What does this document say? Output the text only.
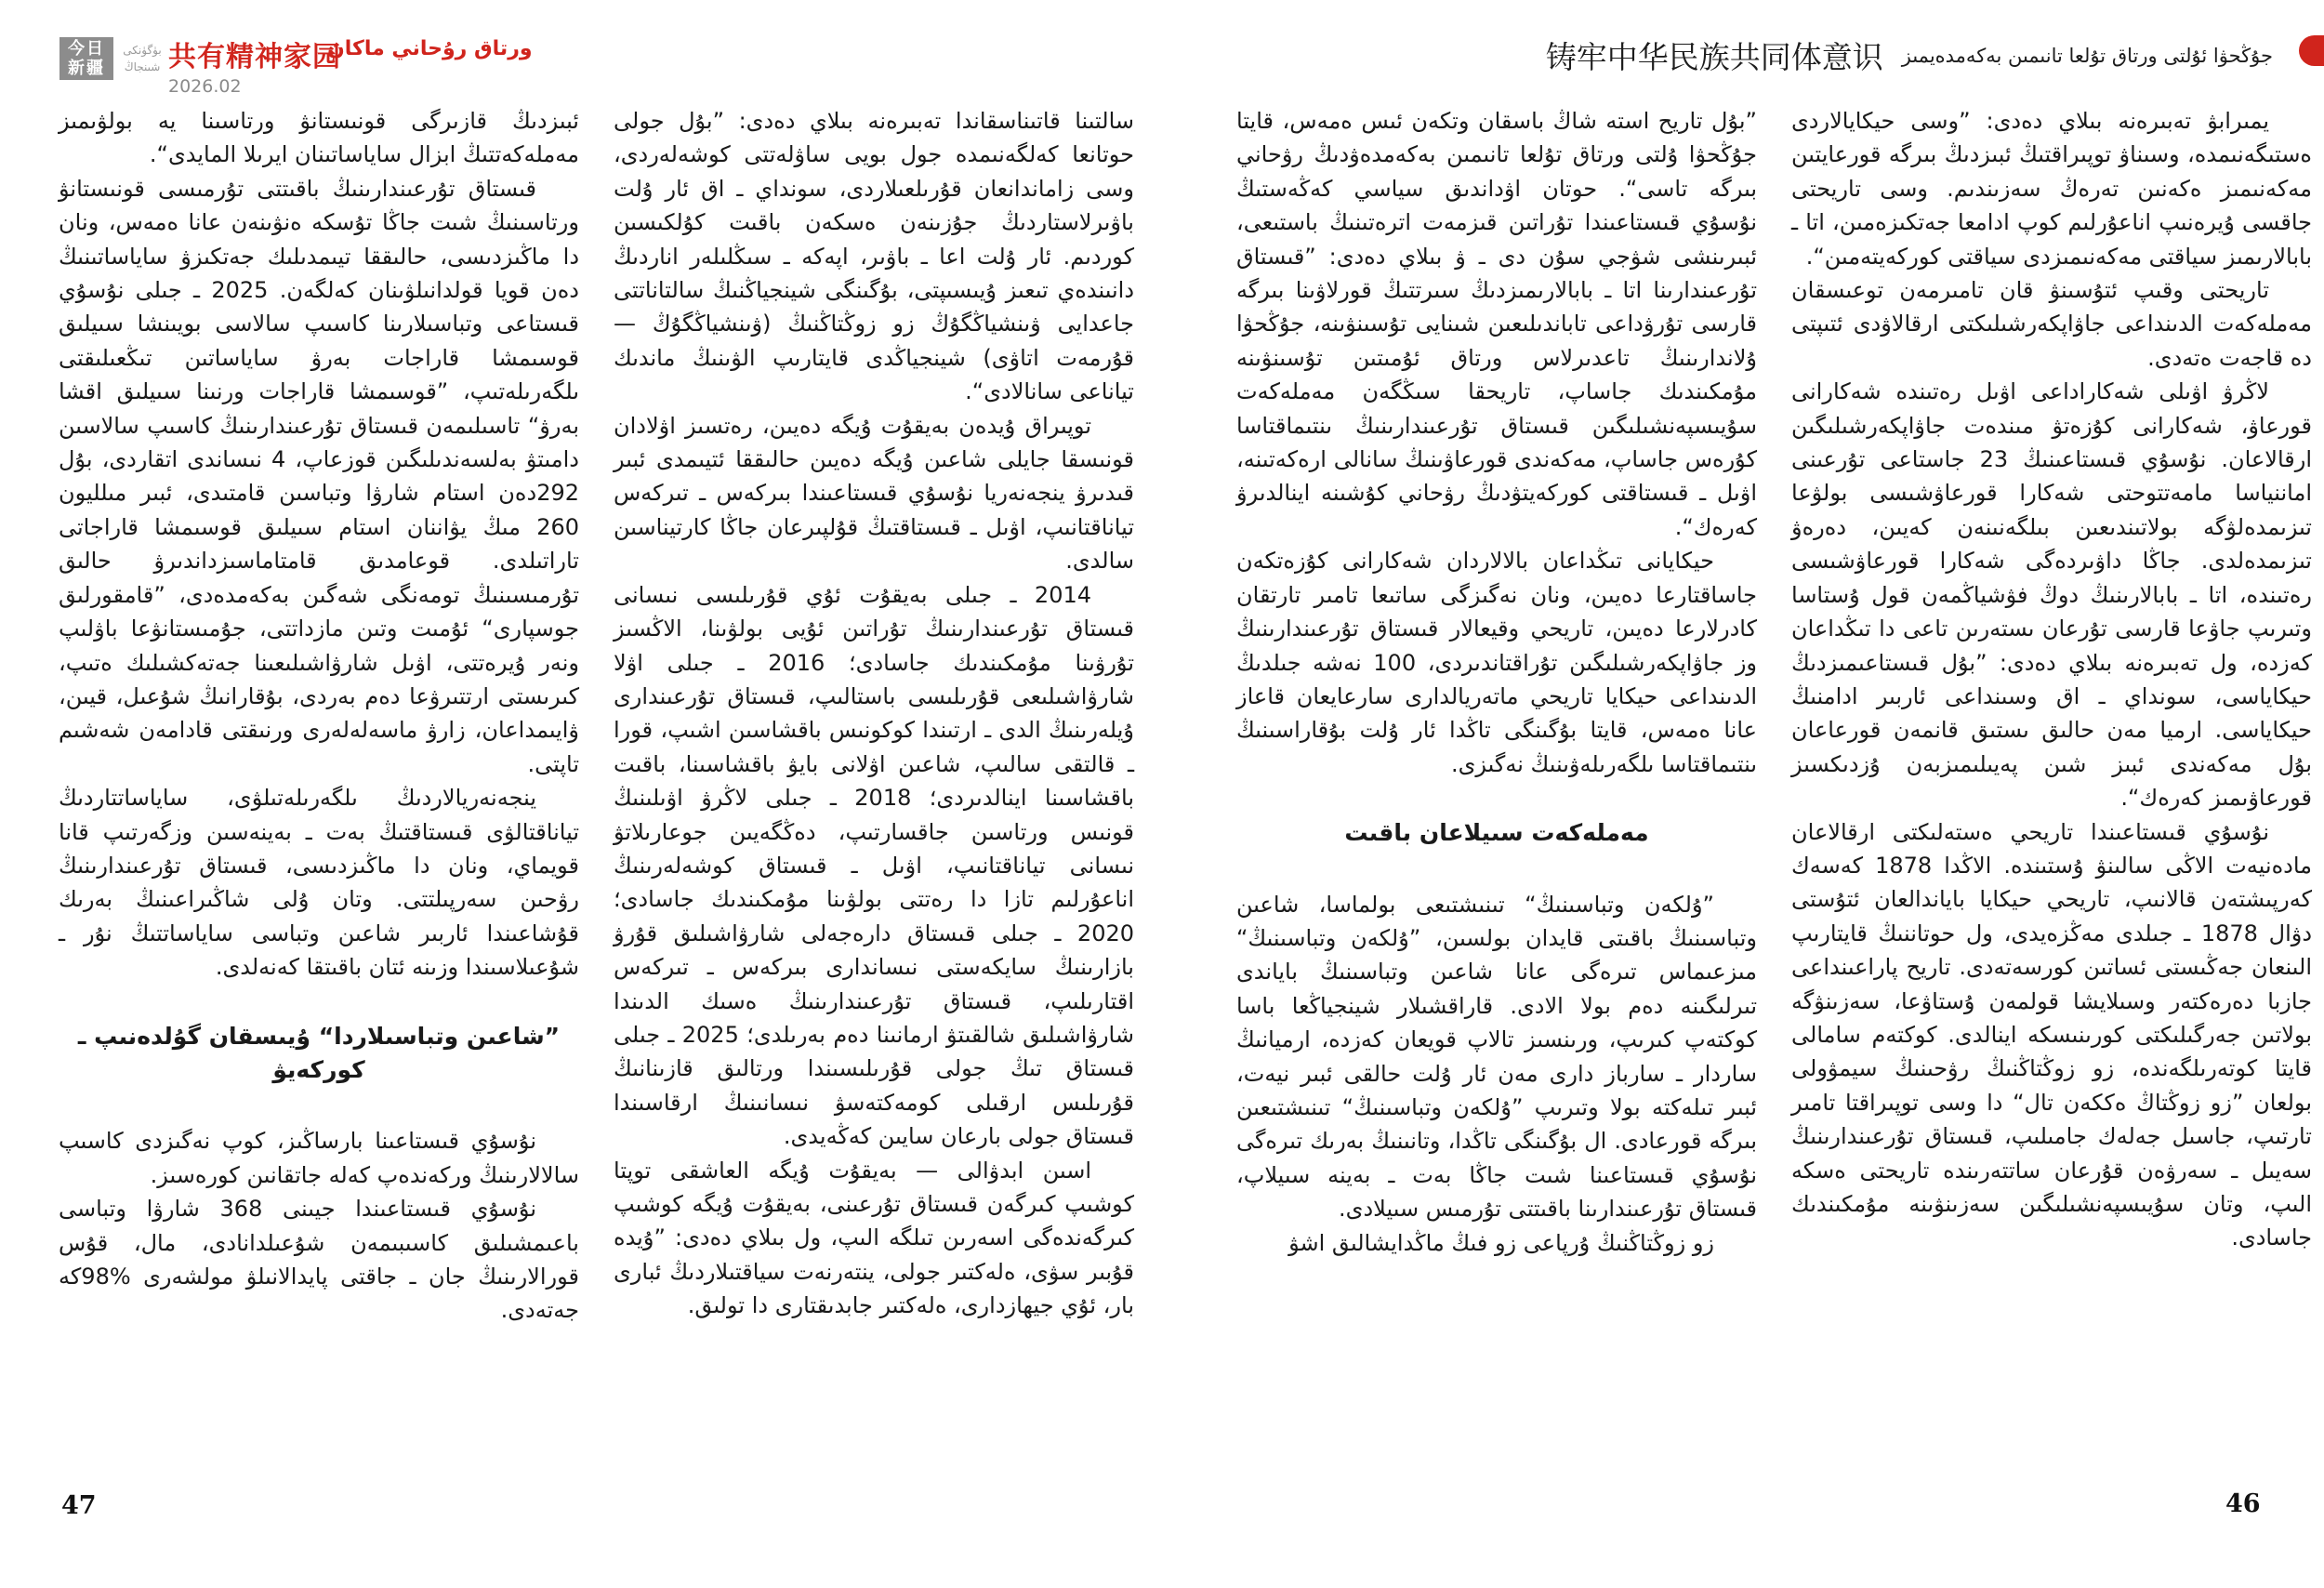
今日
新疆
بۈگۈنكى
شىنجاڭ 共有精神家园
2026.02
ورتاق رۇحاني ماكان	铸牢中华民族共同体意识 جۇڭحۋا ئۇلتى ورتاق تۇلعا تانىمىن بەكەمدەيمىز

ئبىزدىڭ قازىرگى قونىستانۋ ورتاسىنا يە بولۋىمىز مەملەكەتتىڭ ابزال ساياساتىنان ايرىلا المايدى“.

قىستاق تۇرعىندارىنىڭ باقىتتى تۇرمىسى قونىستانۋ ورتاسىنىڭ شىت جاڭا تۇسكە ەنۋىنەن عانا ەمەس، ونان دا ماڭىزدىسى، حالىققا تيىمدىلىك جەتكىزۋ ساياساتىنىڭ دەن قويا قولدانىلۋىنان كەلگەن. 2025 ـ جىلى نۇسۇي قىستاعى وتباسىلارىنا كاسىپ سالاسى بويىنشا سىيلىق قوسىمشا قاراجات بەرۋ ساياساتىن تىڭعىلىقتى ىلگەرىلەتىپ، ”قوسىمشا قاراجات ورنىنا سىيلىق اقشا بەرۋ“ تاسىلىمەن قىستاق تۇرعىندارىنىڭ كاسىپ سالاسىن دامىتۋ بەلسەندىلىگىن قوزعاپ، 4 نىساندى اتقاردى، بۇل 292دەن استام شارۋا وتباسىن قامتىدى، ئبىر مىلليون 260 مىڭ يۋاننان استام سىيلىق قوسىمشا قاراجاتى تاراتىلدى. قوعامدىق قامتاماسىزداندىرۋ حالىق تۇرمىسىنىڭ تومەنگى شەگىن بەكەمدەدى، ”قامقورلىق جوسپارى“ ئۇمىت وتىن مازداتتى، جۇمىستانۋعا باۋلىپ ونەر ۇيرەتتى، اۋىل شارۋاشىلىعىنا جەتەكشىلىك ەتىپ، كىرىستى ارتتىرۋعا دەم بەردى، بۇقارانىڭ شۇعىل، قيىن، ۋايىمداعان، زارۋ ماسەلەلەرى ورنىقتى قادامەن شەشىم تاپتى.

ينجەنەريالاردىڭ ىلگەرىلەتىلۋى، ساياساتتاردىڭ تياناقتالۋى قىستاقتىڭ بەت ـ بەينەسىن وزگەرتىپ قانا قويماي، ونان دا ماڭىزدىسى، قىستاق تۇرعىندارىنىڭ رۋحىن سەرپىلتتى. وتان ۇلى شاڭىراعىنىڭ بەرىك قۇشاعىندا ئاربىر شاعىن وتباسى ساياساتتىڭ نۇر ـ شۇعىلاسىندا وزىنە ئتان باقىتقا كەنەلدى.

”شاعىن وتباسىلاردا“ ۇيىسقان گۇلدەنىپ ـ كوركەيۋ

نۇسۇي قىستاعىنا بارساڭىز، كوپ نەگىزدى كاسىپ سالالارىنىڭ وركەندەپ كەلە جاتقانىن كورەسىز.

نۇسۇي قىستاعىندا جيىنى 368 شارۋا وتباسى باعىمشىلىق كاسىبىمەن شۇعىلدانادى، مال، قۇس قورالارىنىڭ جان ـ جاقتى پايدالانىلۋ مولشەرى %98كە جەتەدى.

سالتىنا قاتىناسقاندا تەبىرەنە بىلاي دەدى: ”بۇل جولى حوتانعا كەلگەنىمدە جول بويى ساۋلەتتى كوشەلەردى، وسى زاماندانعان قۇرىلعىلاردى، سونداي ـ اق ئار ۇلت باۋىرلاستاردىڭ جۇزىنەن ەسكەن باقىت كۇلكىسىن كوردىم. ئار ۇلت اعا ـ باۋىر، اپەكە ـ سىڭلىلەر اناردىڭ دانىندەي تىعىز ۇيىسىپتى، بۇگىنگى شينجياڭنىڭ سالتاناتتى جاعدايى ۋىنشياڭگۇڭ زو زوڭتاڭنىڭ (ۋىنشياڭگۇڭ — قۇرمەت اتاۋى) شينجياڭدى قايتارىپ الۋىنىڭ ماندىك تياناعى سانالادى“.

توپىراق ۇيدەن بەيقۇت ۇيگە دەيىن، رەتسىز اۋلادان قونىسقا جايلى شاعىن ۇيگە دەيىن حالىققا ئتيىمدى ئبىر قىدىرۋ ينجەنەريا نۇسۇي قىستاعىندا بىركەس ـ تىركەس تياناقتانىپ، اۋىل ـ قىستاقتىڭ قۇلپىرعان جاڭا كارتيناسىن سالدى.

2014 ـ جىلى بەيقۇت ئۇي قۇرىلىسى نىسانى قىستاق تۇرعىندارىنىڭ تۇراتىن ئۇيى بولۋىنا، الاڭسىز تۇرۋىنا مۇمكىندىك جاسادى؛ 2016 ـ جىلى اۋلا شارۋاشىلىعى قۇرىلىسى باستالىپ، قىستاق تۇرعىندارى ۇيلەرىنىڭ الدى ـ ارتىندا كوكونىس باقشاسىن اشىپ، قورا ـ قالتقى سالىپ، شاعىن اۋلانى بايۋ باقشاسىنا، باقىت باقشاسىنا اينالدىردى؛ 2018 ـ جىلى لاڭرۋ اۋىلىنىڭ قونىس ورتاسىن جاقسارتىپ، دەڭگەيىن جوعارىلاتۋ نىسانى تياناقتانىپ، اۋىل ـ قىستاق كوشەلەرىنىڭ اناعۇرلىم تازا دا رەتتى بولۋىنا مۇمكىندىك جاسادى؛ 2020 ـ جىلى قىستاق دارەجەلى شارۋاشىلىق قۇرۋ بازارىنىڭ سايكەستى نىساندارى بىركەس ـ تىركەس اقتارىلىپ، قىستاق تۇرعىندارىنىڭ ەسىك الدىندا شارۋاشىلىق شالقىتۋ ارمانىنا دەم بەرىلدى؛ 2025 ـ جىلى قىستاق تىڭ جولى قۇرىلىسىندا ورتالىق قازىنانىڭ قۇرىلىس ارقىلى كومەكتەسۋ نىسانىنىڭ ارقاسىندا قىستاق جولى بارعان سايىن كەڭەيدى.

اسىن ابدۋالى — بەيقۇت ۇيگە العاشقى توپتا كوشىپ كىرگەن قىستاق تۇرعىنى، بەيقۇت ۇيگە كوشىپ كىرگەندەگى اسەرىن تىلگە الىپ، ول بىلاي دەدى: ”ۇيدە قۇبىر سۋى، ەلەكتىر جولى، ينتەرنەت سياقتىلاردىڭ ئبارى بار، ئۇي جيھازدارى، ەلەكتىر جابدىقتارى دا تولىق.

”بۇل تاريح استە شاڭ باسقان وتكەن ئىس ەمەس، قايتا جۇڭحۋا ۇلتى ورتاق تۇلعا تانىمىن بەكەمدەۋدىڭ رۋحاني بىرگە تاسى“. حوتان اۋداندىق سياسي كەڭەستىڭ نۇسۇي قىستاعىندا تۇراتىن قىزمەت اترەتىنىڭ باستىعى، ئبىرىنشى شۋجي سۇن دى ـ ۋ بىلاي دەدى: ”قىستاق تۇرعىندارىنا اتا ـ بابالارىمىزدىڭ سىرتتىڭ قورلاۋىنا بىرگە قارسى تۇرۋداعى تاباندىلىعىن شىنايى تۇسىنۋىنە، جۇڭحۋا ۇلاندارىنىڭ تاعدىرلاس ورتاق ئۇمىتىن تۇسىنۋىنە مۇمكىندىك جاساپ، تاريحقا سىڭگەن مەملەكەت سۇيىسپەنشىلىگىن قىستاق تۇرعىندارىنىڭ ىنتىماقتاسا كۇرەس جاساپ، مەكەندى قورعاۋىنىڭ سانالى ارەكەتىنە، اۋىل ـ قىستاقتى كوركەيتۋدىڭ رۋحاني كۇشىنە اينالدىرۋ كەرەك“.

حيكايانى تىڭداعان بالالاردان شەكارانى كۇزەتكەن جاساقتارعا دەيىن، ونان نەگىزگى ساتىعا تامىر تارتقان كادرلارعا دەيىن، تاريحي وقيعالار قىستاق تۇرعىندارىنىڭ وز جاۋاپكەرشىلىگىن تۇراقتاندىردى، 100 نەشە جىلدىڭ الدىنداعى حيكايا تاريحي ماتەريالدارى سارعايعان قاعاز عانا ەمەس، قايتا بۇگىنگى تاڭدا ئار ۇلت بۇقاراسىنىڭ ىنتىماقتاسا ىلگەرىلەۋىنىڭ نەگىزى.

مەملەكەت سىيلاعان باقىت

”ۇلكەن وتباسىنىڭ“ تىنىشتىعى بولماسا، شاعىن وتباسىنىڭ باقىتى قايدان بولسىن، ”ۇلكەن وتباسىنىڭ“ مىزعىماس تىرەگى عانا شاعىن وتباسىنىڭ باياندى تىرلىگىنە دەم بولا الادى. قاراقشىلار شينجياڭعا باسا كوكتەپ كىرىپ، ورىنسىز تالاپ قويعان كەزدە، ارميانىڭ ساردار ـ سارباز دارى مەن ئار ۇلت حالقى ئبىر نيەت، ئبىر تىلەكتە بولا وتىرىپ ”ۇلكەن وتباسىنىڭ“ تىنىشتىعىن بىرگە قورعادى. ال بۇگىنگى تاڭدا، وتانىنىڭ بەرىك تىرەگى نۇسۇي قىستاعىنا شىت جاڭا بەت ـ بەينە سىيلاپ، قىستاق تۇرعىندارىنا باقىتتى تۇرمىس سىيلادى.

زو زوڭتاڭنىڭ ۇرپاعى زو فىڭ ماڭدايشالىق اشۋ

يمىرابۋ تەبىرەنە بىلاي دەدى: ”وسى حيكايالاردى ەستىگەنىمدە، وسىناۋ توپىراقتىڭ ئبىزدىڭ بىرگە قورعايتىن مەكەنىمىز ەكەنىن تەرەڭ سەزىندىم. وسى تاريحتى جاقسى ۇيرەنىپ اناعۇرلىم كوپ ادامعا جەتكىزەمىن، اتا ـ بابالارىمىز سياقتى مەكەنىمىزدى سياقتى كوركەيتەمىن“.

تاريحتى وقىپ ئتۇسىنۋ قان تامىرمەن توعىسقان مەملەكەت الدىنداعى جاۋاپكەرشىلىكتى ارقالاۋدى ئتىپتى دە قاجەت ەتەدى.

لاڭرۋ اۋىلى شەكاراداعى اۋىل رەتىندە شەكارانى قورعاۋ، شەكارانى كۇزەتۋ مىندەت جاۋاپكەرشىلىگىن ارقالاعان. نۇسۇي قىستاعىنىڭ 23 جاستاعى تۇرعىنى اماننياسا مامەتتوحتى شەكارا قورعاۋشىسى بولۋعا تىزىمدەلۋگە بولاتىندىعىن بىلگەنىنەن كەيىن، دەرەۋ تىزىمدەلدى. جاڭا داۋىردەگى شەكارا قورعاۋشىسى رەتىندە، اتا ـ بابالارىنىڭ دوڭ فۋشياڭمەن قول ۇستاسا وتىرىپ جاۋعا قارسى تۇرعان ىستەرىن تاعى دا تىڭداعان كەزدە، ول تەبىرەنە بىلاي دەدى: ”بۇل قىستاعىمىزدىڭ حيكاياسى، سونداي ـ اق وسىنداعى ئاربىر ادامنىڭ حيكاياسى. ارميا مەن حالىق ىستىق قانمەن قورعاعان بۇل مەكەندى ئبىز شىن پەيىلىمىزبەن ۇزدىكسىز قورعاۋىمىز كەرەك“.

نۇسۇي قىستاعىندا تاريحي ەستەلىكتى ارقالاعان مادەنيەت الاڭى سالىنۋ ۇستىندە. الاڭدا 1878 كەسەك كەرپىشتەن قالانىپ، تاريحي حيكايا باياندالعان ئتۇستى دۋال 1878 ـ جىلدى مەڭزەيدى، ول حوتاننىڭ قايتارىپ الىنعان جەڭىستى ئساتىن كورسەتەدى. تاريح پاراعىنداعى جازبا دەرەكتەر وسىلايشا قولمەن ۇستاۋعا، سەزىنۋگە بولاتىن جەرگىلىكتى كورىنىسكە اينالدى. كوكتەم سامالى قايتا كوتەرىلگەندە، زو زوڭتاڭنىڭ رۋحىنىڭ سيمۋولى بولعان ”زو زوڭتاڭ ەككەن تال“ دا وسى توپىراقتا تامىر تارتىپ، جاسىل جەلەك جامىلىپ، قىستاق تۇرعىندارىنىڭ سەيىل ـ سەرۋەن قۇرعان ساتتەرىندە تاريحتى ەسكە الىپ، وتان سۇيىسپەنشىلىگىن سەزىنۋىنە مۇمكىندىك جاسادى.

47	46
